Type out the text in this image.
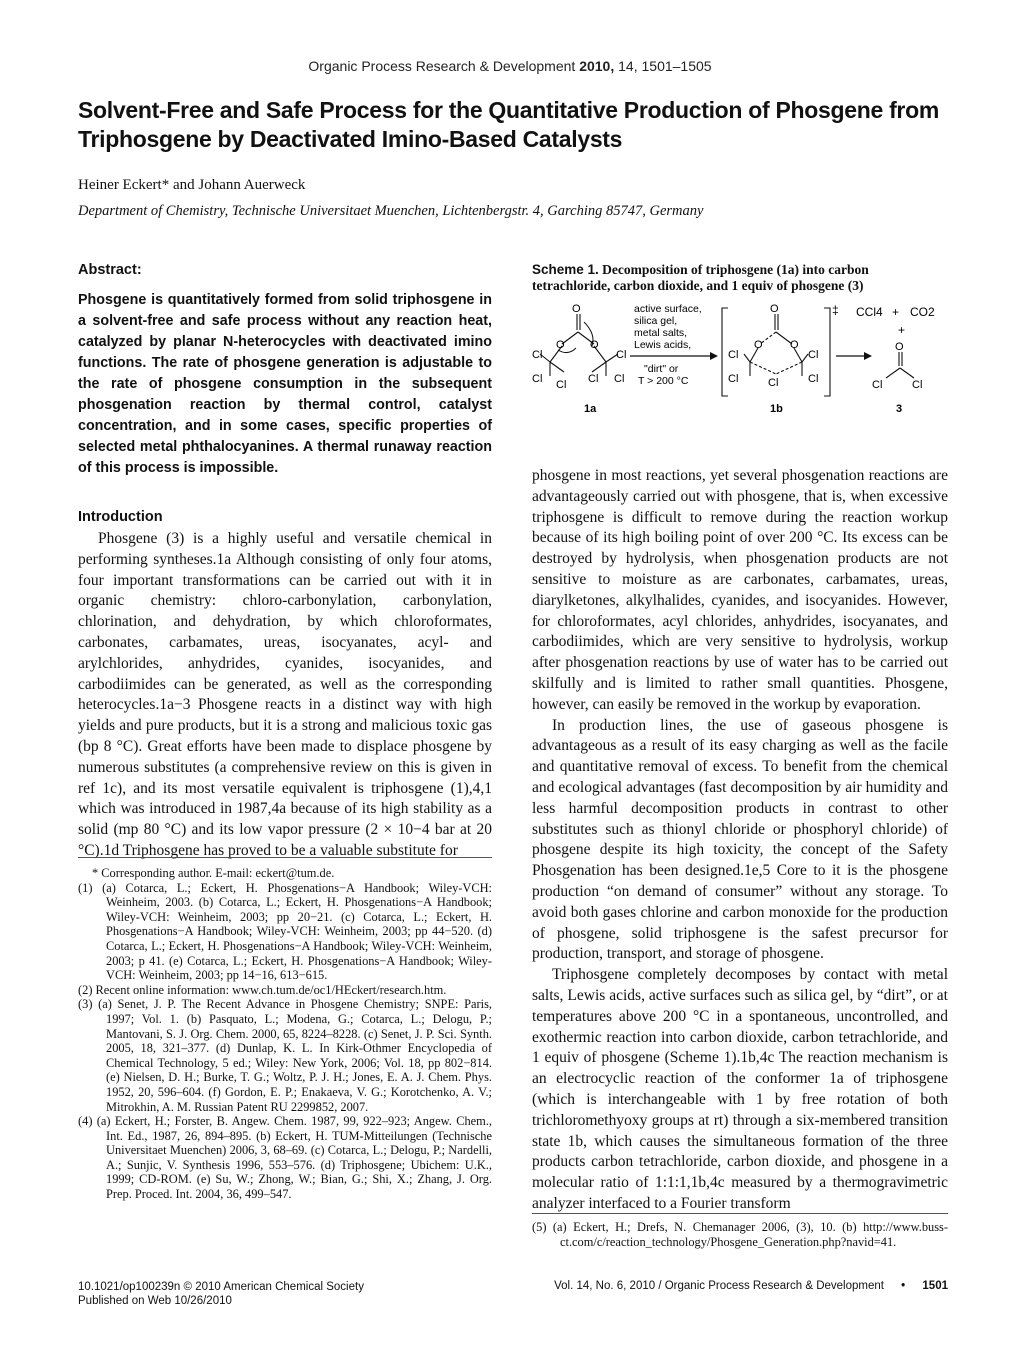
Organic Process Research & Development 2010, 14, 1501–1505
Solvent-Free and Safe Process for the Quantitative Production of Phosgene from Triphosgene by Deactivated Imino-Based Catalysts
Heiner Eckert* and Johann Auerweck
Department of Chemistry, Technische Universitaet Muenchen, Lichtenbergstr. 4, Garching 85747, Germany
Abstract:

Phosgene is quantitatively formed from solid triphosgene in a solvent-free and safe process without any reaction heat, catalyzed by planar N-heterocycles with deactivated imino functions. The rate of phosgene generation is adjustable to the rate of phosgene consumption in the subsequent phosgenation reaction by thermal control, catalyst concentration, and in some cases, specific properties of selected metal phthalocyanines. A thermal runaway reaction of this process is impossible.

Introduction

Phosgene (3) is a highly useful and versatile chemical in performing syntheses.1a Although consisting of only four atoms, four important transformations can be carried out with it in organic chemistry: chloro-carbonylation, carbonylation, chlorination, and dehydration, by which chloroformates, carbonates, carbamates, ureas, isocyanates, acyl- and arylchlorides, anhydrides, cyanides, isocyanides, and carbodiimides can be generated, as well as the corresponding heterocycles.1a−3 Phosgene reacts in a distinct way with high yields and pure products, but it is a strong and malicious toxic gas (bp 8 °C). Great efforts have been made to displace phosgene by numerous substitutes (a comprehensive review on this is given in ref 1c), and its most versatile equivalent is triphosgene (1),4,1 which was introduced in 1987,4a because of its high stability as a solid (mp 80 °C) and its low vapor pressure (2 × 10−4 bar at 20 °C).1d Triphosgene has proved to be a valuable substitute for

* Corresponding author. E-mail: eckert@tum.de.

(1) (a) Cotarca, L.; Eckert, H. Phosgenations−A Handbook; Wiley-VCH: Weinheim, 2003. (b) Cotarca, L.; Eckert, H. Phosgenations−A Handbook; Wiley-VCH: Weinheim, 2003; pp 20−21. (c) Cotarca, L.; Eckert, H. Phosgenations−A Handbook; Wiley-VCH: Weinheim, 2003; pp 44−520. (d) Cotarca, L.; Eckert, H. Phosgenations−A Handbook; Wiley-VCH: Weinheim, 2003; p 41. (e) Cotarca, L.; Eckert, H. Phosgenations−A Handbook; Wiley-VCH: Weinheim, 2003; pp 14−16, 613−615.

(2) Recent online information: www.ch.tum.de/oc1/HEckert/research.htm.

(3) (a) Senet, J. P. The Recent Advance in Phosgene Chemistry; SNPE: Paris, 1997; Vol. 1. (b) Pasquato, L.; Modena, G.; Cotarca, L.; Delogu, P.; Mantovani, S. J. Org. Chem. 2000, 65, 8224–8228. (c) Senet, J. P. Sci. Synth. 2005, 18, 321–377. (d) Dunlap, K. L. In Kirk-Othmer Encyclopedia of Chemical Technology, 5 ed.; Wiley: New York, 2006; Vol. 18, pp 802−814. (e) Nielsen, D. H.; Burke, T. G.; Woltz, P. J. H.; Jones, E. A. J. Chem. Phys. 1952, 20, 596–604. (f) Gordon, E. P.; Enakaeva, V. G.; Korotchenko, A. V.; Mitrokhin, A. M. Russian Patent RU 2299852, 2007.

(4) (a) Eckert, H.; Forster, B. Angew. Chem. 1987, 99, 922–923; Angew. Chem., Int. Ed., 1987, 26, 894–895. (b) Eckert, H. TUM-Mitteilungen (Technische Universitaet Muenchen) 2006, 3, 68–69. (c) Cotarca, L.; Delogu, P.; Nardelli, A.; Sunjic, V. Synthesis 1996, 553–576. (d) Triphosgene; Ubichem: U.K., 1999; CD-ROM. (e) Su, W.; Zhong, W.; Bian, G.; Shi, X.; Zhang, J. Org. Prep. Proced. Int. 2004, 36, 499–547.

Scheme 1. Decomposition of triphosgene (1a) into carbon tetrachloride, carbon dioxide, and 1 equiv of phosgene (3)

O
O O
Cl
Cl Cl Cl
Cl
Cl
1a
active surface,
silica gel,
metal salts,
Lewis acids,
"dirt" or
T > 200 °C
O
O O
Cl
Cl	Cl
Cl
Cl
‡
1b
CCl4 + CO2
+
O
Cl	Cl
3

phosgene in most reactions, yet several phosgenation reactions are advantageously carried out with phosgene, that is, when excessive triphosgene is difficult to remove during the reaction workup because of its high boiling point of over 200 °C. Its excess can be destroyed by hydrolysis, when phosgenation products are not sensitive to moisture as are carbonates, carbamates, ureas, diarylketones, alkylhalides, cyanides, and isocyanides. However, for chloroformates, acyl chlorides, anhydrides, isocyanates, and carbodiimides, which are very sensitive to hydrolysis, workup after phosgenation reactions by use of water has to be carried out skilfully and is limited to rather small quantities. Phosgene, however, can easily be removed in the workup by evaporation.

In production lines, the use of gaseous phosgene is advantageous as a result of its easy charging as well as the facile and quantitative removal of excess. To benefit from the chemical and ecological advantages (fast decomposition by air humidity and less harmful decomposition products in contrast to other substitutes such as thionyl chloride or phosphoryl chloride) of phosgene despite its high toxicity, the concept of the Safety Phosgenation has been designed.1e,5 Core to it is the phosgene production “on demand of consumer” without any storage. To avoid both gases chlorine and carbon monoxide for the production of phosgene, solid triphosgene is the safest precursor for production, transport, and storage of phosgene.

Triphosgene completely decomposes by contact with metal salts, Lewis acids, active surfaces such as silica gel, by “dirt”, or at temperatures above 200 °C in a spontaneous, uncontrolled, and exothermic reaction into carbon dioxide, carbon tetrachloride, and 1 equiv of phosgene (Scheme 1).1b,4c The reaction mechanism is an electrocyclic reaction of the conformer 1a of triphosgene (which is interchangeable with 1 by free rotation of both trichloromethyoxy groups at rt) through a six-membered transition state 1b, which causes the simultaneous formation of the three products carbon tetrachloride, carbon dioxide, and phosgene in a molecular ratio of 1:1:1,1b,4c measured by a thermogravimetric analyzer interfaced to a Fourier transform

(5) (a) Eckert, H.; Drefs, N. Chemanager 2006, (3), 10. (b) http://www.buss-ct.com/c/reaction_technology/Phosgene_Generation.php?navid=41.

10.1021/op100239n © 2010 American Chemical Society
Published on Web 10/26/2010
Vol. 14, No. 6, 2010 / Organic Process Research & Development • 1501
